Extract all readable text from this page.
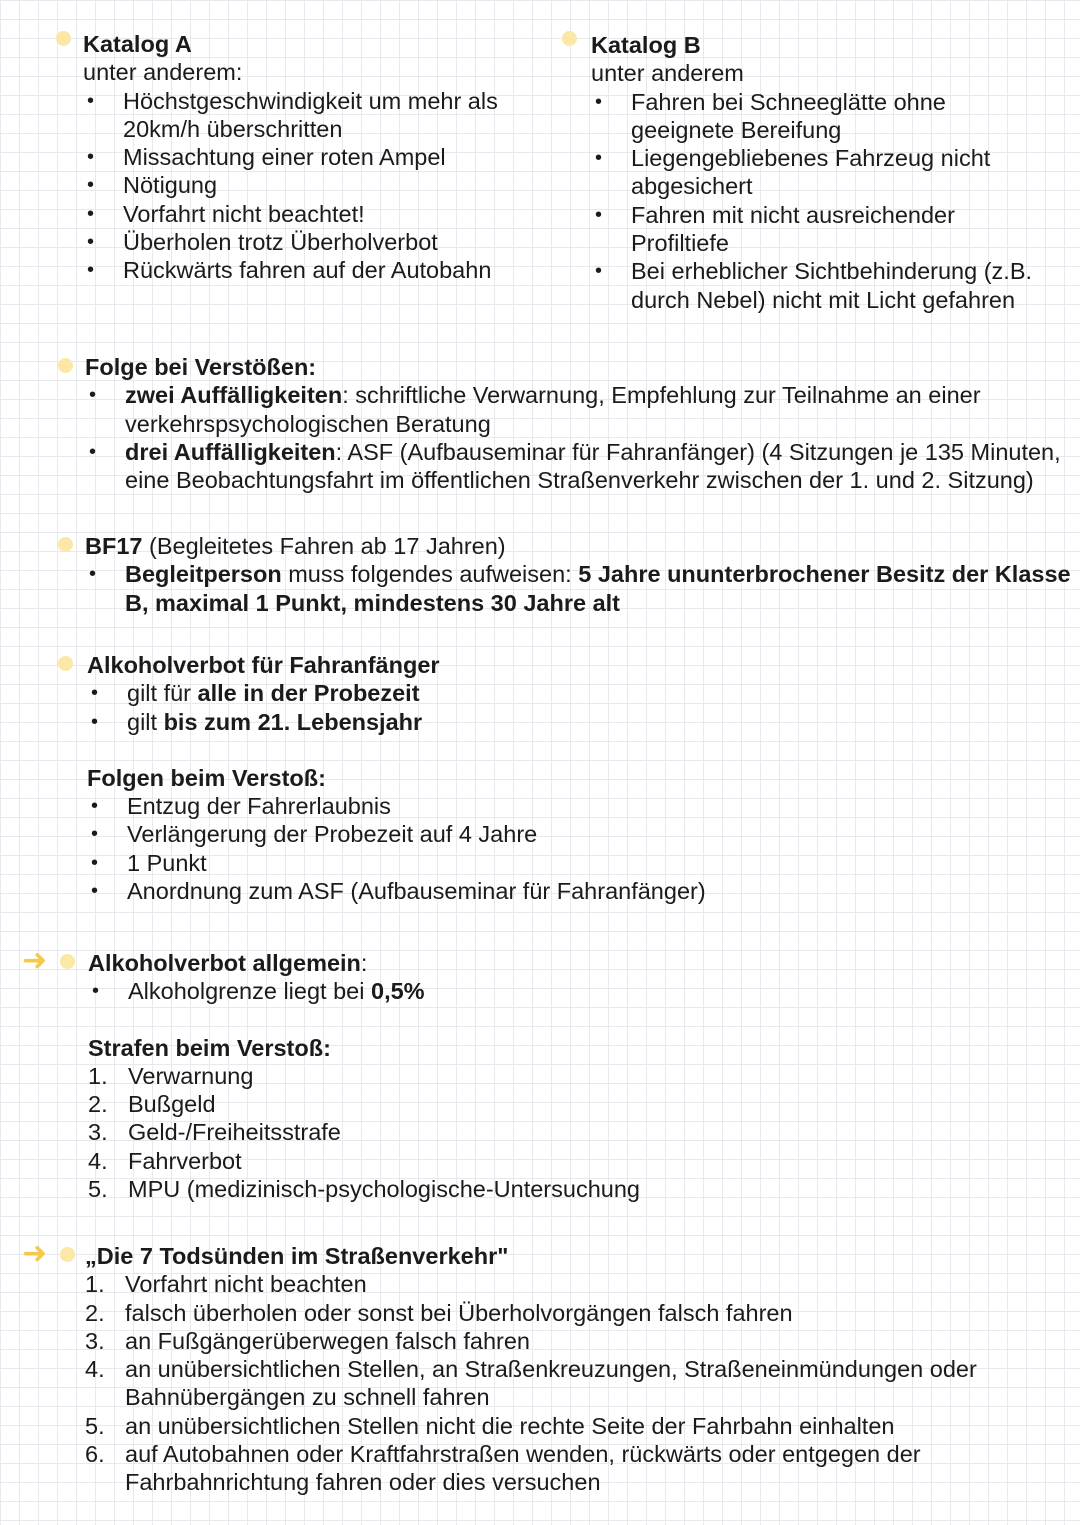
Katalog A
unter anderem:
• Höchstgeschwindigkeit um mehr als
20km/h überschritten
• Missachtung einer roten Ampel
• Nötigung
• Vorfahrt nicht beachtet!
• Überholen trotz Überholverbot
• Rückwärts fahren auf der Autobahn
Katalog B
unter anderem
• Fahren bei Schneeglätte ohne
geeignete Bereifung
• Liegengebliebenes Fahrzeug nicht
abgesichert
• Fahren mit nicht ausreichender
Profiltiefe
• Bei erheblicher Sichtbehinderung (z.B.
durch Nebel) nicht mit Licht gefahren
Folge bei Verstößen:
• zwei Auffälligkeiten: schriftliche Verwarnung, Empfehlung zur Teilnahme an einer
verkehrspsychologischen Beratung
• drei Auffälligkeiten: ASF (Aufbauseminar für Fahranfänger) (4 Sitzungen je 135 Minuten,
eine Beobachtungsfahrt im öffentlichen Straßenverkehr zwischen der 1. und 2. Sitzung)
BF17 (Begleitetes Fahren ab 17 Jahren)
• Begleitperson muss folgendes aufweisen: 5 Jahre ununterbrochener Besitz der Klasse
B, maximal 1 Punkt, mindestens 30 Jahre alt
Alkoholverbot für Fahranfänger
• gilt für alle in der Probezeit
• gilt bis zum 21. Lebensjahr
Folgen beim Verstoß:
• Entzug der Fahrerlaubnis
• Verlängerung der Probezeit auf 4 Jahre
• 1 Punkt
• Anordnung zum ASF (Aufbauseminar für Fahranfänger)
➜ Alkoholverbot allgemein:
• Alkoholgrenze liegt bei 0,5%
Strafen beim Verstoß:
1. Verwarnung
2. Bußgeld
3. Geld-/Freiheitsstrafe
4. Fahrverbot
5. MPU (medizinisch-psychologische-Untersuchung
➜ „Die 7 Todsünden im Straßenverkehr"
1. Vorfahrt nicht beachten
2. falsch überholen oder sonst bei Überholvorgängen falsch fahren
3. an Fußgängerüberwegen falsch fahren
4. an unübersichtlichen Stellen, an Straßenkreuzungen, Straßeneinmündungen oder
Bahnübergängen zu schnell fahren
5. an unübersichtlichen Stellen nicht die rechte Seite der Fahrbahn einhalten
6. auf Autobahnen oder Kraftfahrstraßen wenden, rückwärts oder entgegen der
Fahrbahnrichtung fahren oder dies versuchen
